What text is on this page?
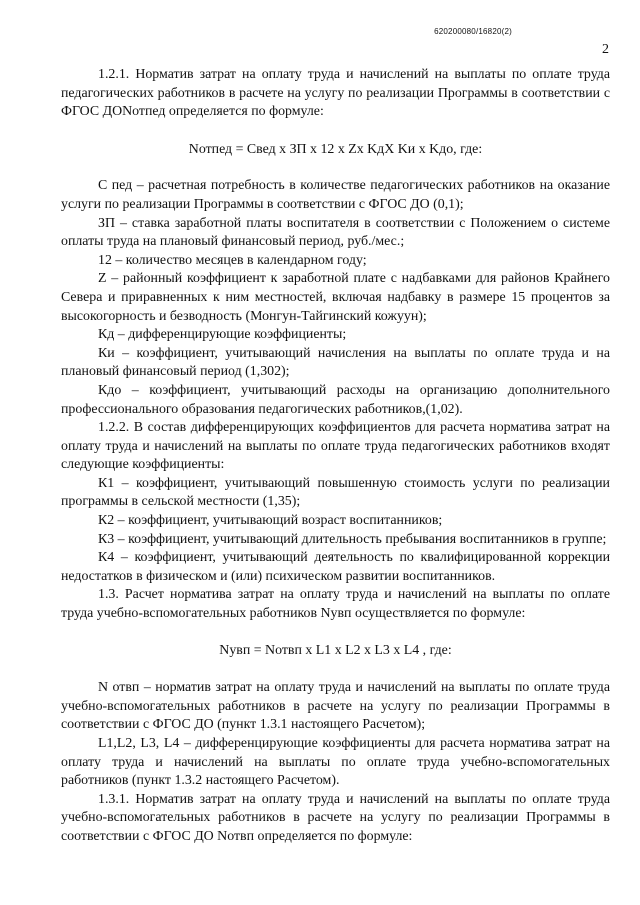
620200080/16820(2)
2

1.2.1. Норматив затрат на оплату труда и начислений на выплаты по оплате труда педагогических работников в расчете на услугу по реализации Программы в соответствии с ФГОС ДОNотпед определяется по формуле:

Nотпед = Cвед x ЗП x 12 x Zx KдX Kи x Kдо, где:

С пед – расчетная потребность в количестве педагогических работников на оказание услуги по реализации Программы в соответствии с ФГОС ДО (0,1);

ЗП – ставка заработной платы воспитателя в соответствии с Положением о системе оплаты труда на плановый финансовый период, руб./мес.;

12 – количество месяцев в календарном году;

Z – районный коэффициент к заработной плате с надбавками для районов Крайнего Севера и приравненных к ним местностей, включая надбавку в размере 15 процентов за высокогорность и безводность (Монгун-Тайгинский кожуун);

Кд – дифференцирующие коэффициенты;

Ки – коэффициент, учитывающий начисления на выплаты по оплате труда и на плановый финансовый период (1,302);

Кдо – коэффициент, учитывающий расходы на организацию дополнительного профессионального образования педагогических работников,(1,02).

1.2.2. В состав дифференцирующих коэффициентов для расчета норматива затрат на оплату труда и начислений на выплаты по оплате труда педагогических работников входят следующие коэффициенты:

К1 – коэффициент, учитывающий повышенную стоимость услуги по реализации программы в сельской местности (1,35);

К2 – коэффициент, учитывающий возраст воспитанников;

К3 – коэффициент, учитывающий длительность пребывания воспитанников в группе;

К4 – коэффициент, учитывающий деятельность по квалифицированной коррекции недостатков в физическом и (или) психическом развитии воспитанников.

1.3. Расчет норматива затрат на оплату труда и начислений на выплаты по оплате труда учебно-вспомогательных работников Nувп осуществляется по формуле:

Nувп = Nотвп x L1 x L2 x L3 x L4 , где:

N отвп – норматив затрат на оплату труда и начислений на выплаты по оплате труда учебно-вспомогательных работников в расчете на услугу по реализации Программы в соответствии с ФГОС ДО (пункт 1.3.1 настоящего Расчетом);

L1,L2, L3, L4 – дифференцирующие коэффициенты для расчета норматива затрат на оплату труда и начислений на выплаты по оплате труда учебно-вспомогательных работников (пункт 1.3.2 настоящего Расчетом).

1.3.1. Норматив затрат на оплату труда и начислений на выплаты по оплате труда учебно-вспомогательных работников в расчете на услугу по реализации Программы в соответствии с ФГОС ДО Nотвп определяется по формуле:
